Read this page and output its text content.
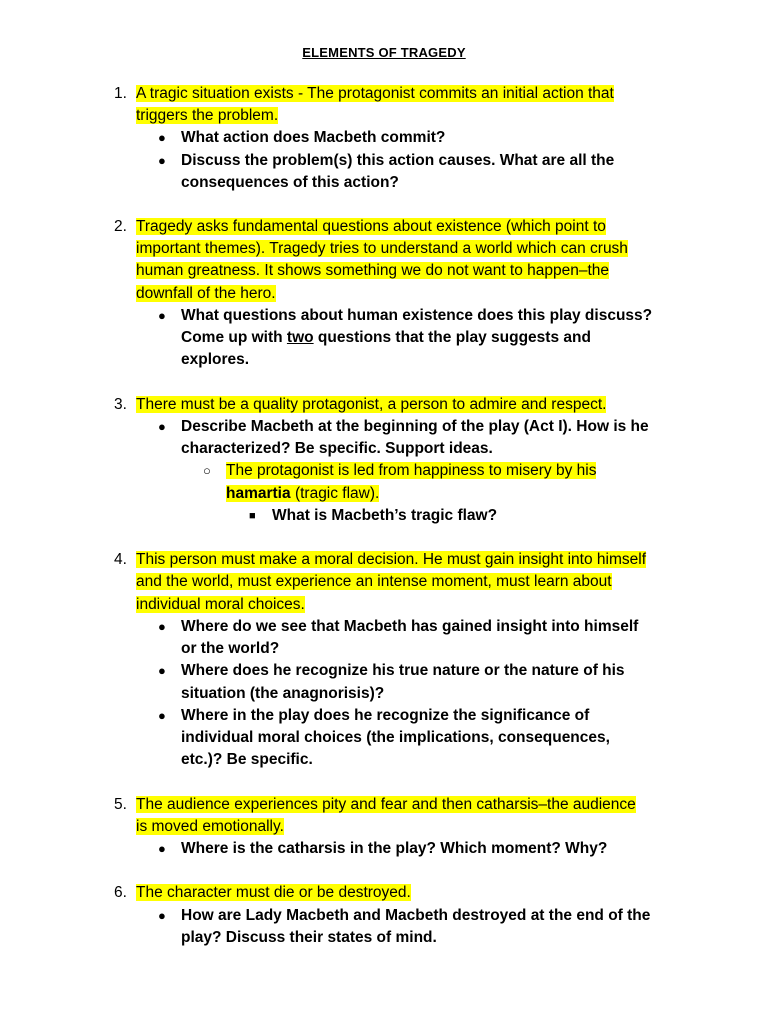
ELEMENTS OF TRAGEDY
1. A tragic situation exists - The protagonist commits an initial action that
triggers the problem.
● What action does Macbeth commit?
● Discuss the problem(s) this action causes. What are all the
consequences of this action?
2. Tragedy asks fundamental questions about existence (which point to
important themes). Tragedy tries to understand a world which can crush
human greatness. It shows something we do not want to happen–the
downfall of the hero.
● What questions about human existence does this play discuss?
Come up with two questions that the play suggests and
explores.
3. There must be a quality protagonist, a person to admire and respect.
● Describe Macbeth at the beginning of the play (Act I). How is he
characterized? Be specific. Support ideas.
○ The protagonist is led from happiness to misery by his
hamartia (tragic flaw).
■ What is Macbeth’s tragic flaw?
4. This person must make a moral decision. He must gain insight into himself
and the world, must experience an intense moment, must learn about
individual moral choices.
● Where do we see that Macbeth has gained insight into himself
or the world?
● Where does he recognize his true nature or the nature of his
situation (the anagnorisis)?
● Where in the play does he recognize the significance of
individual moral choices (the implications, consequences,
etc.)? Be specific.
5. The audience experiences pity and fear and then catharsis–the audience
is moved emotionally.
● Where is the catharsis in the play? Which moment? Why?
6. The character must die or be destroyed.
● How are Lady Macbeth and Macbeth destroyed at the end of the
play? Discuss their states of mind.
